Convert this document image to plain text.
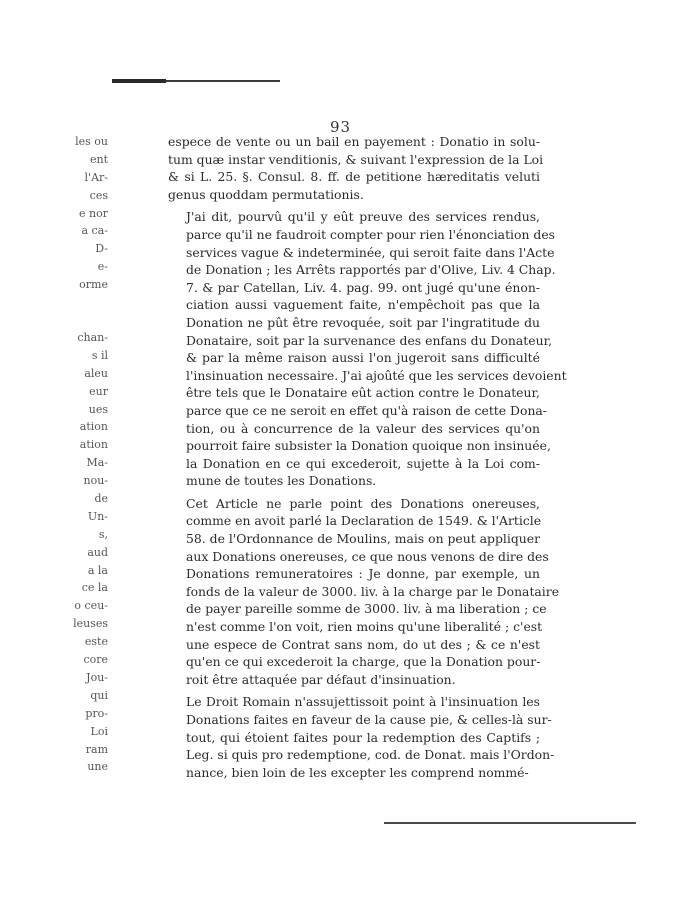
93
les ou
ent
l'Ar-
ces
e nor
a ca-
D-
e-
orme
chan-
s il
aleu
eur
ues
ation
ation
Ma-
nou-
de
Un-
s,
aud
a la
ce la
o ceu-
leuses
este
core
Jou-
qui
pro-
Loi
ram
une

espece de vente ou un bail en payement : Donatio in solu-
tum quæ instar venditionis, & suivant l'expression de la Loi
& si L. 25. §. Consul. 8. ff. de petitione hæreditatis veluti
genus quoddam permutationis.

J'ai dit, pourvû qu'il y eût preuve des services rendus,
parce qu'il ne faudroit compter pour rien l'énonciation des
services vague & indeterminée, qui seroit faite dans l'Acte
de Donation ; les Arrêts rapportés par d'Olive, Liv. 4 Chap.
7. & par Catellan, Liv. 4. pag. 99. ont jugé qu'une énon-
ciation aussi vaguement faite, n'empêchoit pas que la
Donation ne pût être revoquée, soit par l'ingratitude du
Donataire, soit par la survenance des enfans du Donateur,
& par la même raison aussi l'on jugeroit sans difficulté
l'insinuation necessaire. J'ai ajoûté que les services devoient
être tels que le Donataire eût action contre le Donateur,
parce que ce ne seroit en effet qu'à raison de cette Dona-
tion, ou à concurrence de la valeur des services qu'on
pourroit faire subsister la Donation quoique non insinuée,
la Donation en ce qui excederoit, sujette à la Loi com-
mune de toutes les Donations.

Cet Article ne parle point des Donations onereuses,
comme en avoit parlé la Declaration de 1549. & l'Article
58. de l'Ordonnance de Moulins, mais on peut appliquer
aux Donations onereuses, ce que nous venons de dire des
Donations remuneratoires : Je donne, par exemple, un
fonds de la valeur de 3000. liv. à la charge par le Donataire
de payer pareille somme de 3000. liv. à ma liberation ; ce
n'est comme l'on voit, rien moins qu'une liberalité ; c'est
une espece de Contrat sans nom, do ut des ; & ce n'est
qu'en ce qui excederoit la charge, que la Donation pour-
roit être attaquée par défaut d'insinuation.

Le Droit Romain n'assujettissoit point à l'insinuation les
Donations faites en faveur de la cause pie, & celles-là sur-
tout, qui étoient faites pour la redemption des Captifs ;
Leg. si quis pro redemptione, cod. de Donat. mais l'Ordon-
nance, bien loin de les excepter les comprend nommé-
